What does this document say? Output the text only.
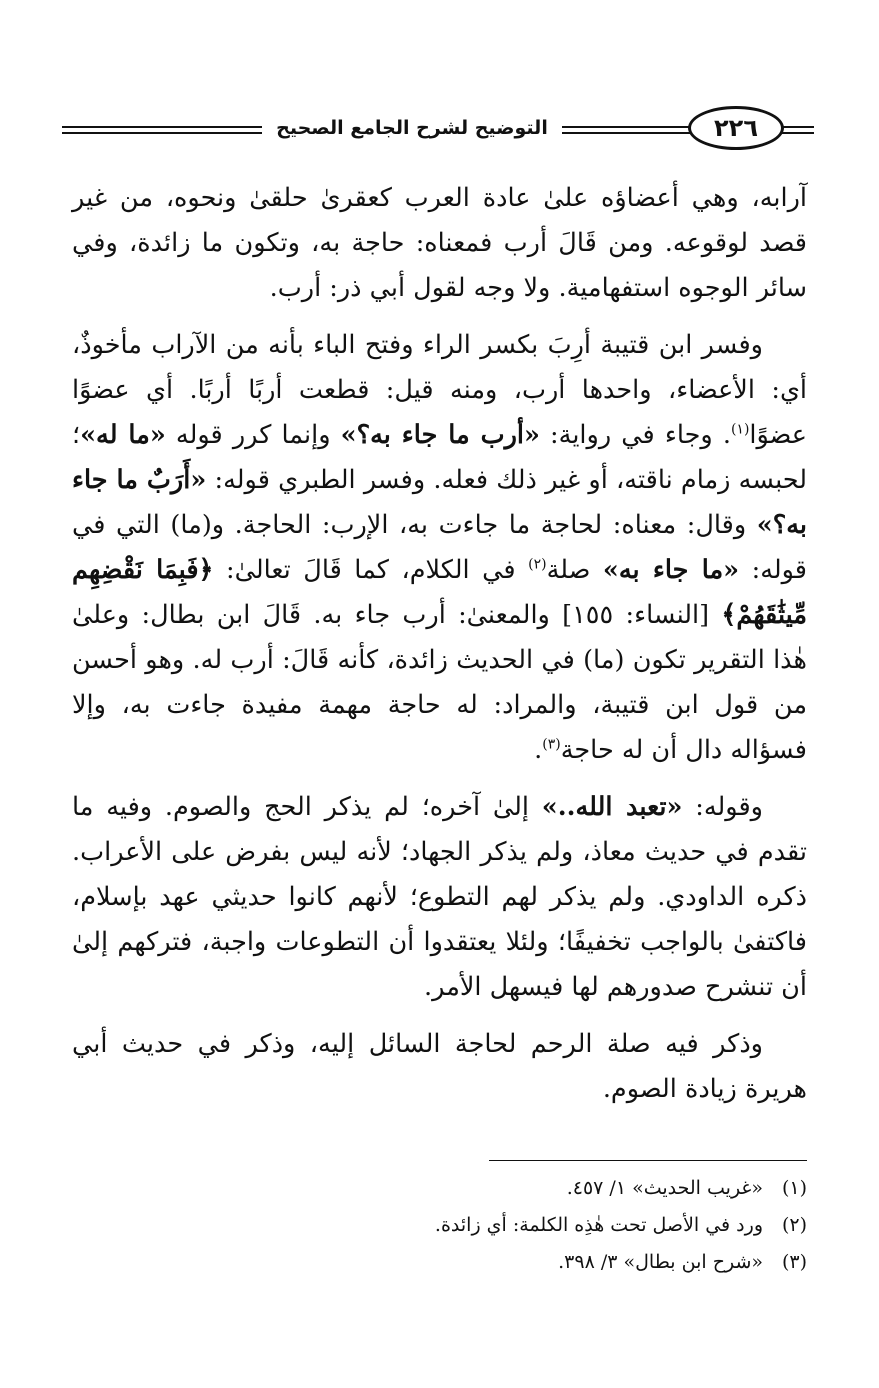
التوضيح لشرح الجامع الصحيح	٢٢٦

آرابه، وهي أعضاؤه علىٰ عادة العرب كعقرىٰ حلقىٰ ونحوه، من غير قصد لوقوعه. ومن قَالَ أرب فمعناه: حاجة به، وتكون ما زائدة، وفي سائر الوجوه استفهامية. ولا وجه لقول أبي ذر: أرب.

وفسر ابن قتيبة أرِبَ بكسر الراء وفتح الباء بأنه من الآراب مأخوذٌ، أي: الأعضاء، واحدها أرب، ومنه قيل: قطعت أربًا أربًا. أي عضوًا عضوًا$^{(١)}$. وجاء في رواية: «أرب ما جاء به؟» وإنما كرر قوله «ما له»؛ لحبسه زمام ناقته، أو غير ذلك فعله. وفسر الطبري قوله: «أَرَبٌ ما جاء به؟» وقال: معناه: لحاجة ما جاءت به، الإرب: الحاجة. و(ما) التي في قوله: «ما جاء به» صلة$^{(٢)}$ في الكلام، كما قَالَ تعالىٰ: ﴿فَبِمَا نَقْضِهِم مِّيثَٰقَهُمْ﴾ [النساء: ١٥٥] والمعنىٰ: أرب جاء به. قَالَ ابن بطال: وعلىٰ هٰذا التقرير تكون (ما) في الحديث زائدة، كأنه قَالَ: أرب له. وهو أحسن من قول ابن قتيبة، والمراد: له حاجة مهمة مفيدة جاءت به، وإلا فسؤاله دال أن له حاجة$^{(٣)}$.

وقوله: «تعبد الله..» إلىٰ آخره؛ لم يذكر الحج والصوم. وفيه ما تقدم في حديث معاذ، ولم يذكر الجهاد؛ لأنه ليس بفرض على الأعراب. ذكره الداودي. ولم يذكر لهم التطوع؛ لأنهم كانوا حديثي عهد بإسلام، فاكتفىٰ بالواجب تخفيفًا؛ ولئلا يعتقدوا أن التطوعات واجبة، فتركهم إلىٰ أن تنشرح صدورهم لها فيسهل الأمر.

وذكر فيه صلة الرحم لحاجة السائل إليه، وذكر في حديث أبي هريرة زيادة الصوم.

(١)
«غريب الحديث» ١/ ٤٥٧.
(٢)
ورد في الأصل تحت هٰذِه الكلمة: أي زائدة.
(٣)
«شرح ابن بطال» ٣/ ٣٩٨.
